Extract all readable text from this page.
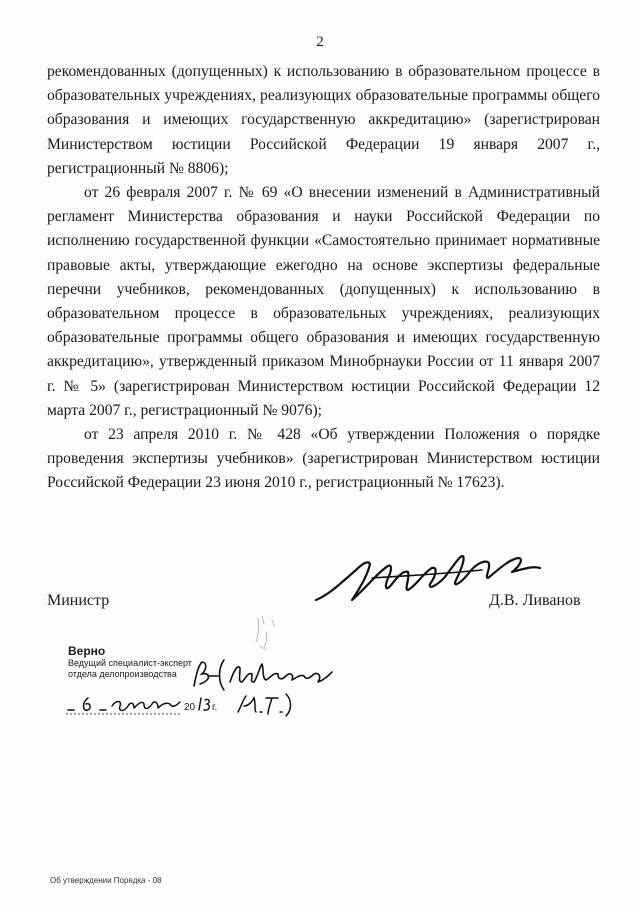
2

рекомендованных (допущенных) к использованию в образовательном процессе в образовательных учреждениях, реализующих образовательные программы общего образования и имеющих государственную аккредитацию» (зарегистрирован Министерством юстиции Российской Федерации 19 января 2007 г., регистрационный № 8806);

от 26 февраля 2007 г. № 69 «О внесении изменений в Административный регламент Министерства образования и науки Российской Федерации по исполнению государственной функции «Самостоятельно принимает нормативные правовые акты, утверждающие ежегодно на основе экспертизы федеральные перечни учебников, рекомендованных (допущенных) к использованию в образовательном процессе в образовательных учреждениях, реализующих образовательные программы общего образования и имеющих государственную аккредитацию», утвержденный приказом Минобрнауки России от 11 января 2007 г. № 5» (зарегистрирован Министерством юстиции Российской Федерации 12 марта 2007 г., регистрационный № 9076);

от 23 апреля 2010 г. № 428 «Об утверждении Положения о порядке проведения экспертизы учебников» (зарегистрирован Министерством юстиции Российской Федерации 23 июня 2010 г., регистрационный № 17623).

Министр	Д.В. Ливанов
Верно
Ведущий специалист-эксперт
отдела делопроизводства
20 г.
Об утверждении Порядка - 08
